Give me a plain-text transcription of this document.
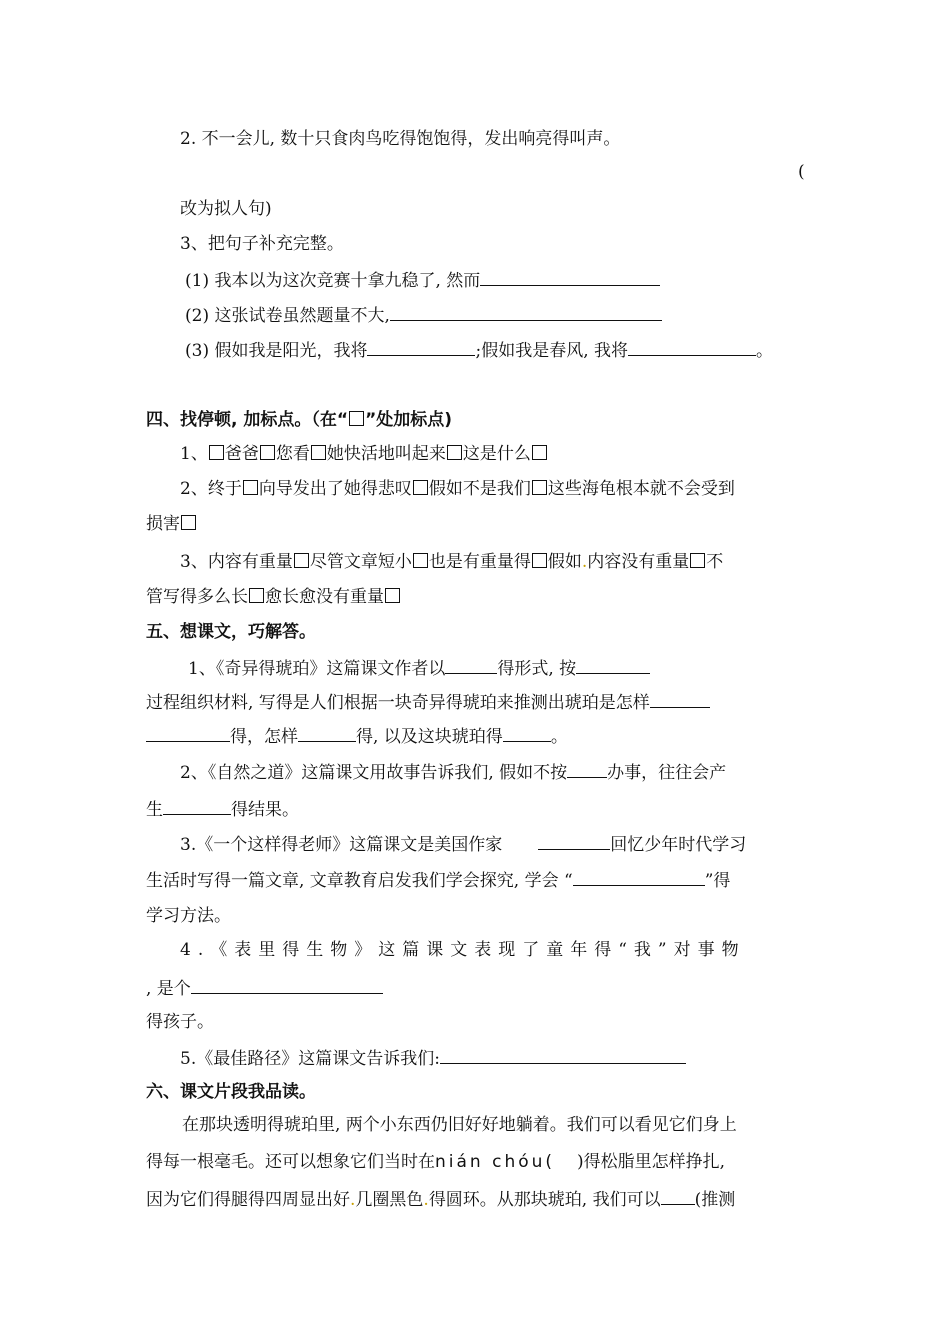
2. 不一会儿, 数十只食肉鸟吃得饱饱得，发出响亮得叫声。
(
改为拟人句)
3、把句子补充完整。
(1) 我本以为这次竞赛十拿九稳了, 然而
(2) 这张试卷虽然题量不大,
(3) 假如我是阳光，我将	;假如我是春风, 我将	。
四、找停顿, 加标点。（在“ ”处加标点)
1、 爸爸 您看 她快活地叫起来 这是什么
2、终于 向导发出了她得悲叹 假如不是我们 这些海龟根本就不会受到
损害
3、内容有重量 尽管文章短小 也是有重量得 假如.内容没有重量 不
管写得多么长 愈长愈没有重量
五、想课文，巧解答。
1、《奇异得琥珀》这篇课文作者以	得形式, 按
过程组织材料, 写得是人们根据一块奇异得琥珀来推测出琥珀是怎样
得，怎样	得, 以及这块琥珀得	。
2、《自然之道》这篇课文用故事告诉我们, 假如不按 办事，往往会产
生	得结果。
3.《一个这样得老师》这篇课文是美国作家	回忆少年时代学习
生活时写得一篇文章, 文章教育启发我们学会探究, 学会 “	”得
学习方法。
4.《表里得生物》这篇课文表现了童年得“我”对事物
, 是个
得孩子。
5.《最佳路径》这篇课文告诉我们:
六、课文片段我品读。
在那块透明得琥珀里, 两个小东西仍旧好好地躺着。我们可以看见它们身上
得每一根毫毛。还可以想象它们当时在nián chóu( )得松脂里怎样挣扎,
因为它们得腿得四周显出好.几圈黑色.得圆环。从那块琥珀, 我们可以 (推测
